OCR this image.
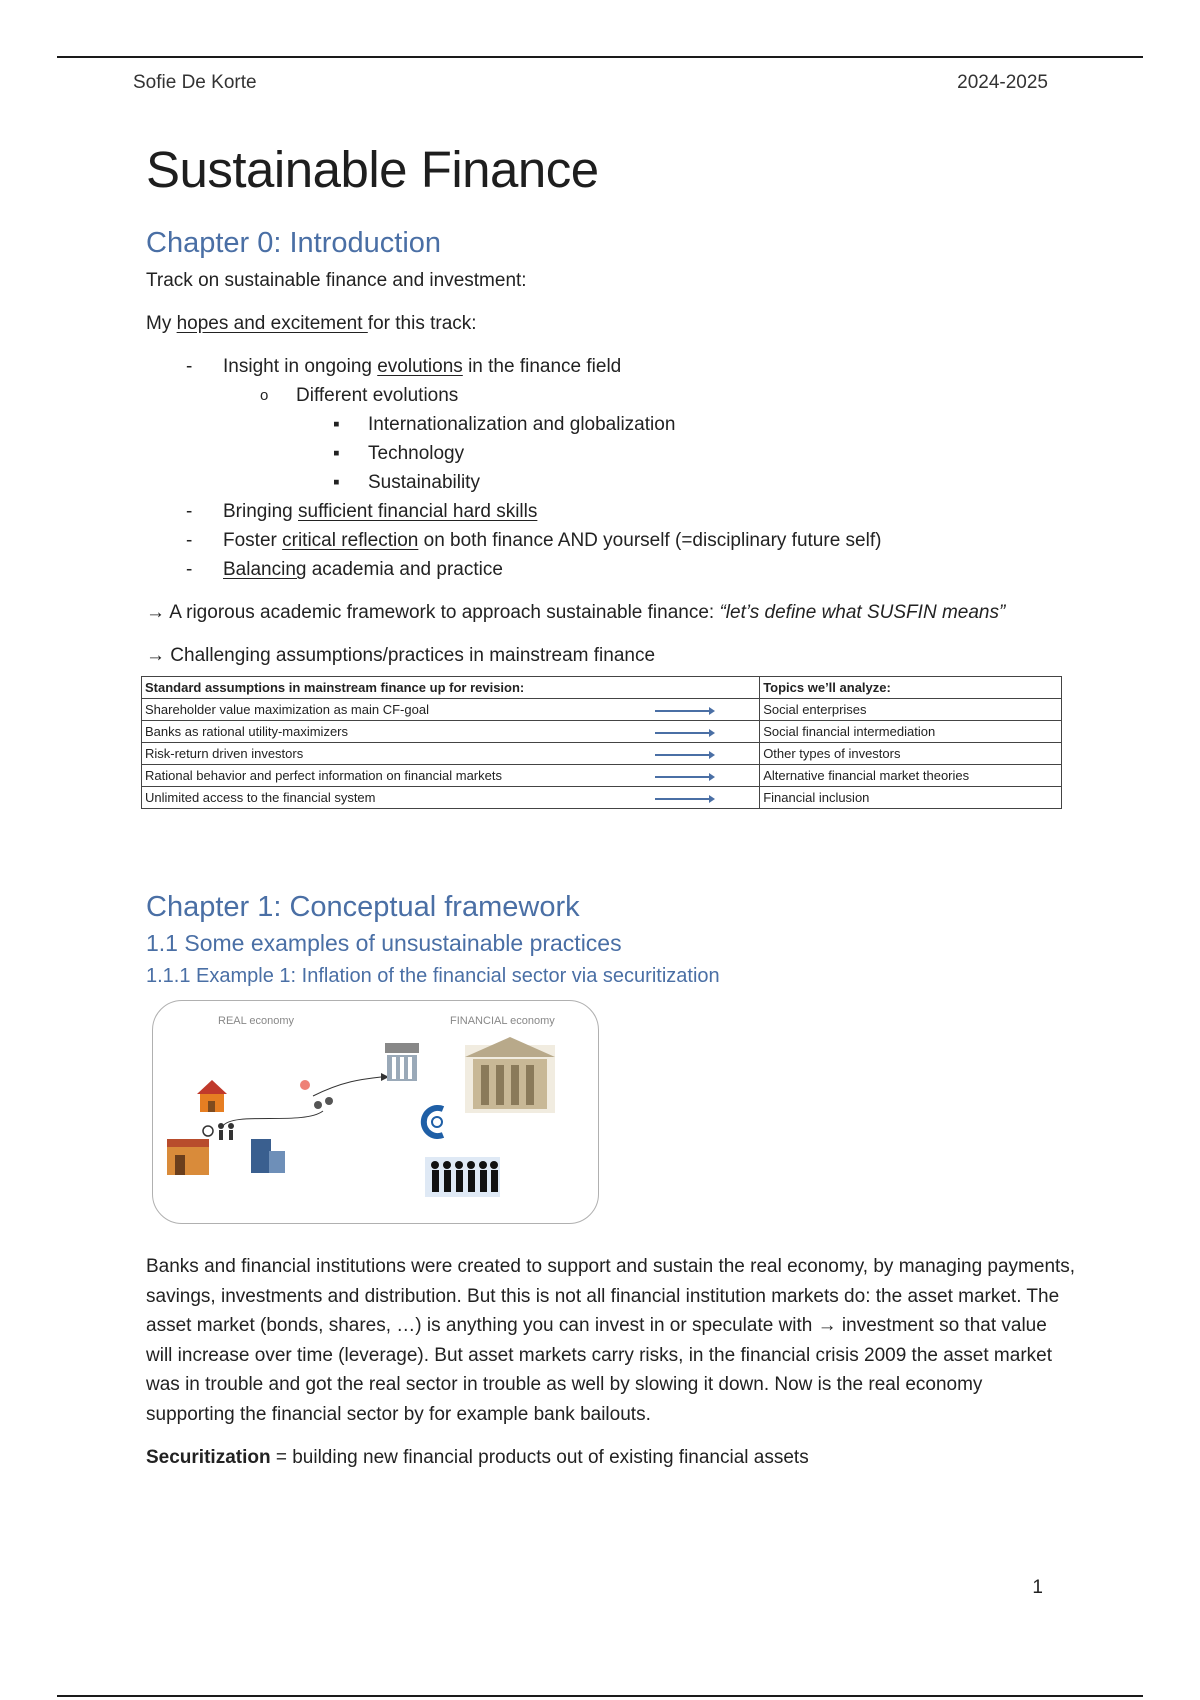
Sofie De Korte	2024-2025
Sustainable Finance
Chapter 0: Introduction

Track on sustainable finance and investment:

My hopes and excitement for this track:

- Insight in ongoing evolutions in the finance field
o Different evolutions
▪ Internationalization and globalization
▪ Technology
▪ Sustainability
- Bringing sufficient financial hard skills
- Foster critical reflection on both finance AND yourself (=disciplinary future self)
- Balancing academia and practice

→ A rigorous academic framework to approach sustainable finance: “let’s define what SUSFIN means”

→ Challenging assumptions/practices in mainstream finance

Standard assumptions in mainstream finance up for revision:		Topics we’ll analyze:
Shareholder value maximization as main CF-goal		Social enterprises
Banks as rational utility-maximizers		Social financial intermediation
Risk-return driven investors		Other types of investors
Rational behavior and perfect information on financial markets		Alternative financial market theories
Unlimited access to the financial system		Financial inclusion
Chapter 1: Conceptual framework
1.1 Some examples of unsustainable practices
1.1.1 Example 1: Inflation of the financial sector via securitization
REAL economy	FINANCIAL economy

Banks and financial institutions were created to support and sustain the real economy, by managing payments, savings, investments and distribution. But this is not all financial institution markets do: the asset market. The asset market (bonds, shares, …) is anything you can invest in or speculate with → investment so that value will increase over time (leverage). But asset markets carry risks, in the financial crisis 2009 the asset market was in trouble and got the real sector in trouble as well by slowing it down. Now is the real economy supporting the financial sector by for example bank bailouts.

Securitization = building new financial products out of existing financial assets

1
